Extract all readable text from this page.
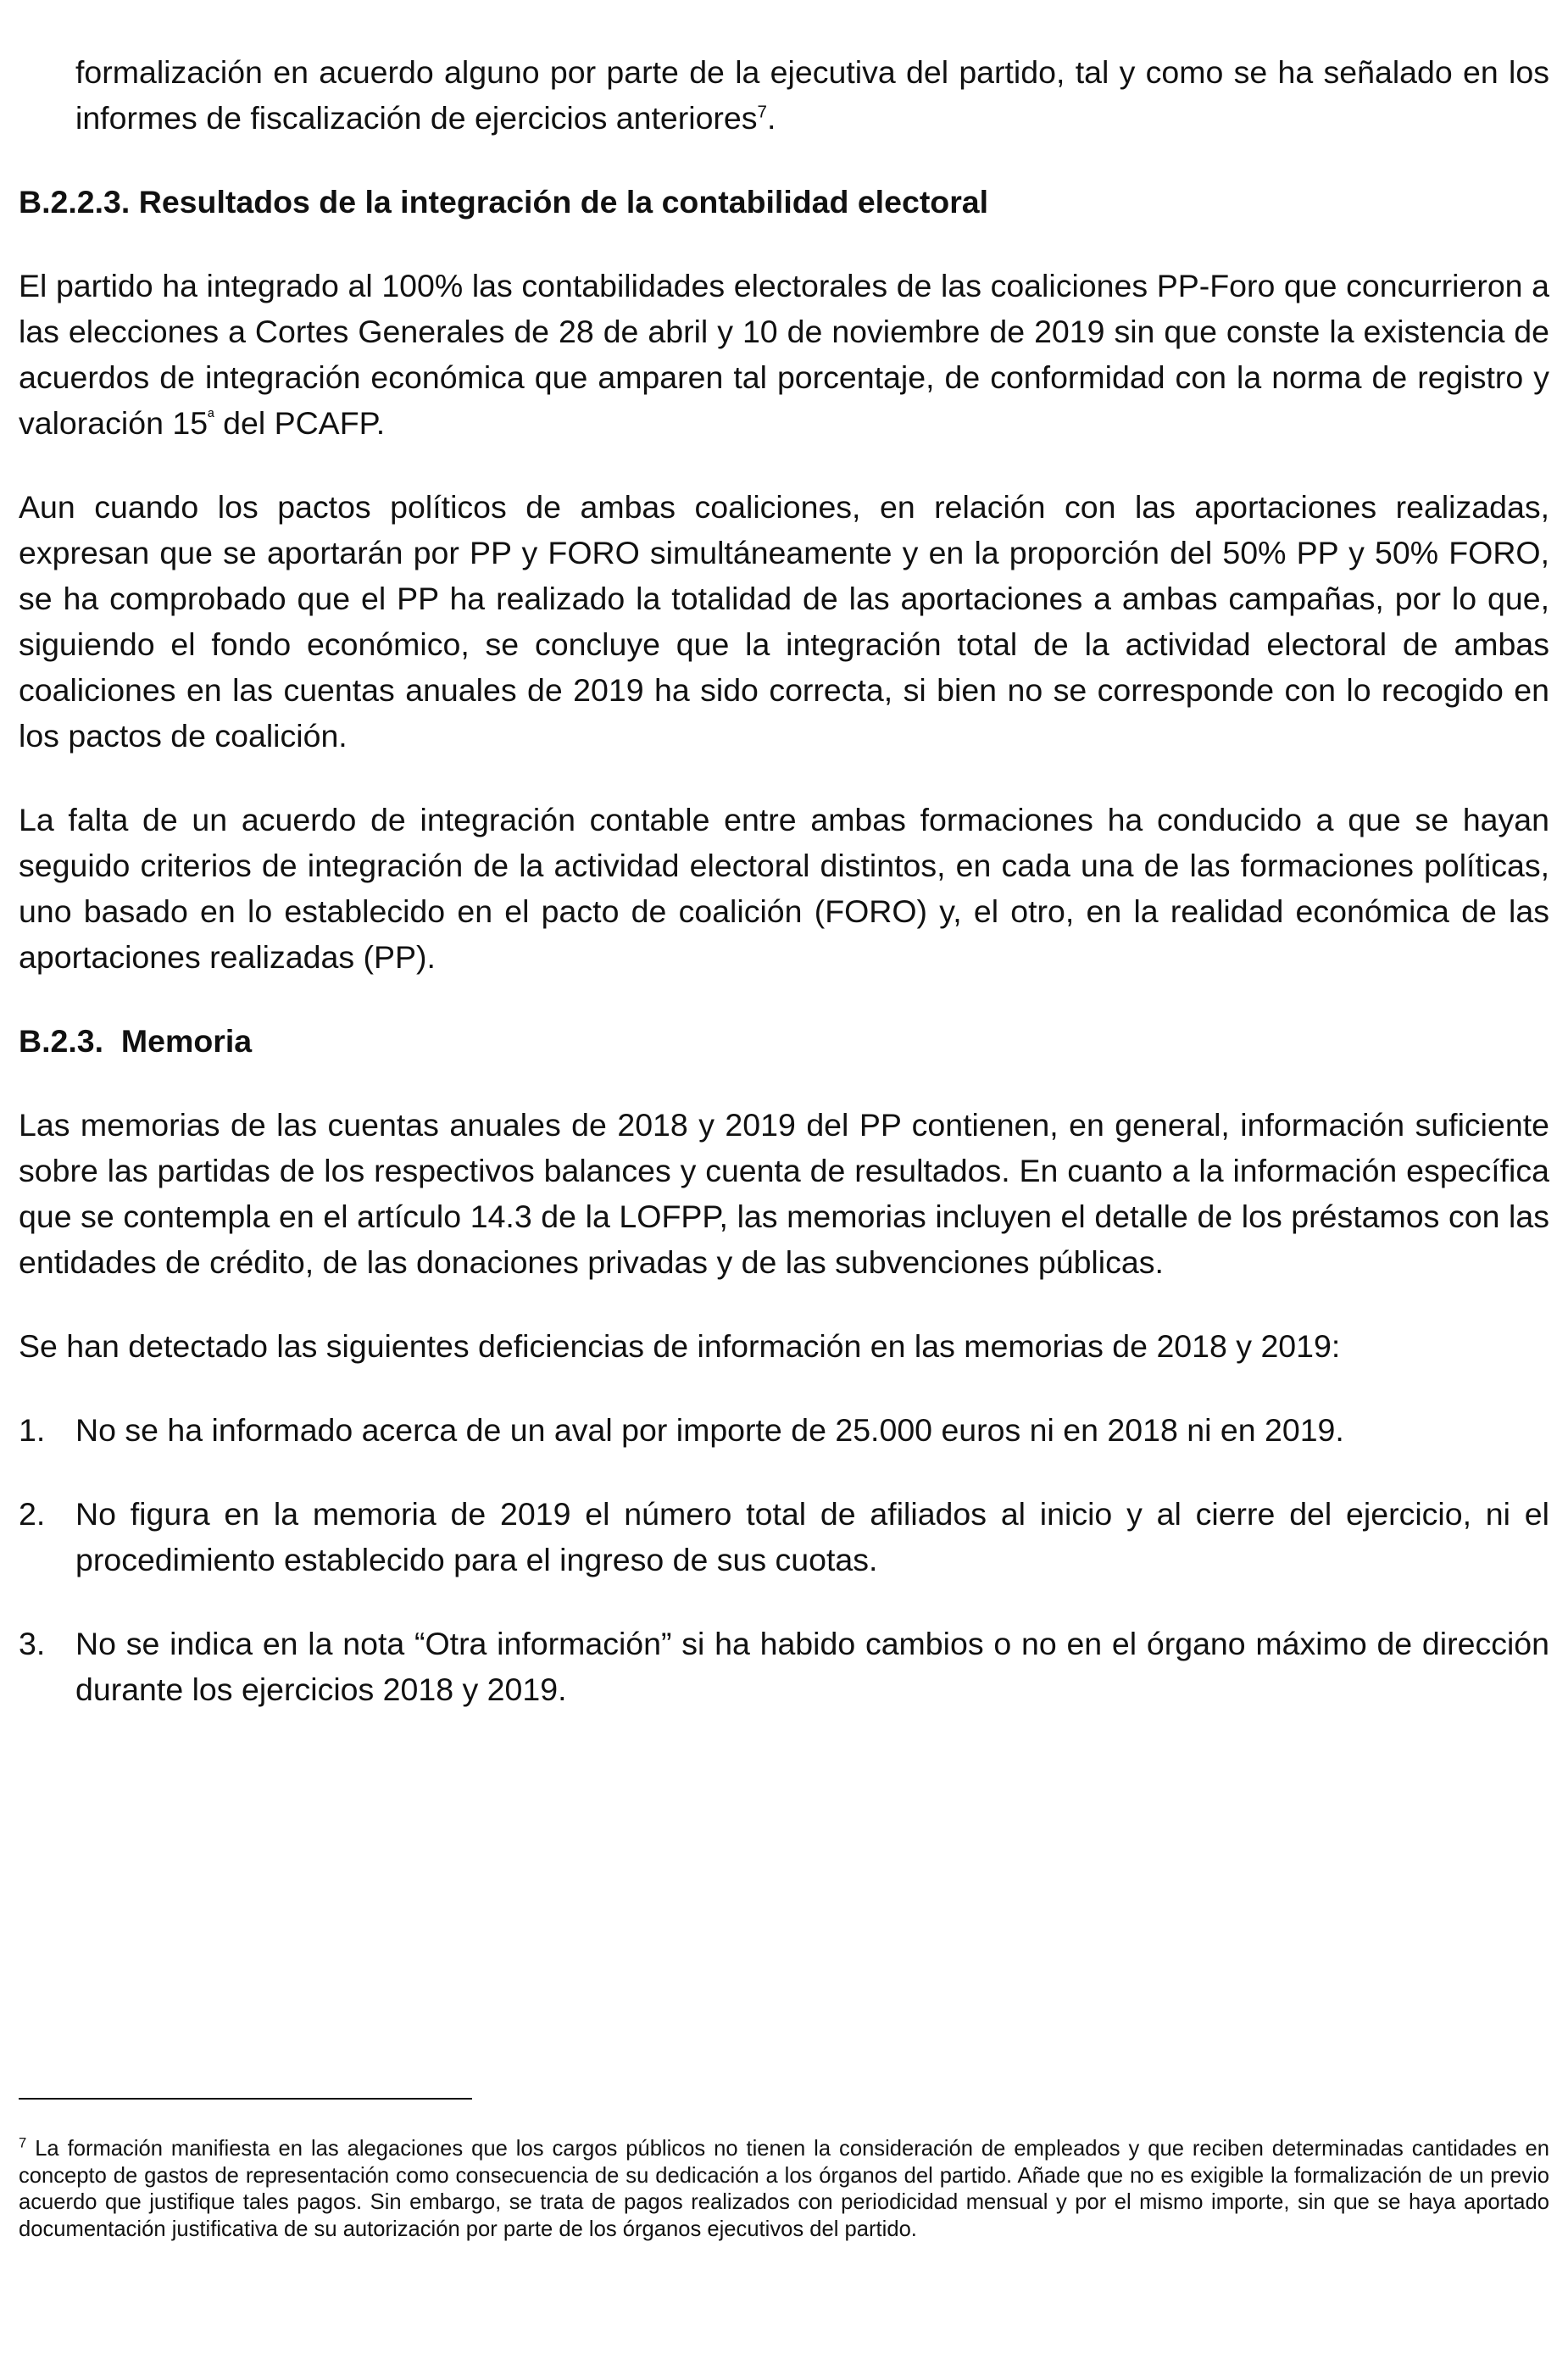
formalización en acuerdo alguno por parte de la ejecutiva del partido, tal y como se ha señalado en los informes de fiscalización de ejercicios anteriores$^7$.

B.2.2.3. Resultados de la integración de la contabilidad electoral

El partido ha integrado al 100% las contabilidades electorales de las coaliciones PP-Foro que concurrieron a las elecciones a Cortes Generales de 28 de abril y 10 de noviembre de 2019 sin que conste la existencia de acuerdos de integración económica que amparen tal porcentaje, de conformidad con la norma de registro y valoración $15^ª$ del PCAFP.

Aun cuando los pactos políticos de ambas coaliciones, en relación con las aportaciones realizadas, expresan que se aportarán por PP y FORO simultáneamente y en la proporción del 50% PP y 50% FORO, se ha comprobado que el PP ha realizado la totalidad de las aportaciones a ambas campañas, por lo que, siguiendo el fondo económico, se concluye que la integración total de la actividad electoral de ambas coaliciones en las cuentas anuales de 2019 ha sido correcta, si bien no se corresponde con lo recogido en los pactos de coalición.

La falta de un acuerdo de integración contable entre ambas formaciones ha conducido a que se hayan seguido criterios de integración de la actividad electoral distintos, en cada una de las formaciones políticas, uno basado en lo establecido en el pacto de coalición (FORO) y, el otro, en la realidad económica de las aportaciones realizadas (PP).

B.2.3.  Memoria

Las memorias de las cuentas anuales de 2018 y 2019 del PP contienen, en general, información suficiente sobre las partidas de los respectivos balances y cuenta de resultados. En cuanto a la información específica que se contempla en el artículo 14.3 de la LOFPP, las memorias incluyen el detalle de los préstamos con las entidades de crédito, de las donaciones privadas y de las subvenciones públicas.

Se han detectado las siguientes deficiencias de información en las memorias de 2018 y 2019:

1. No se ha informado acerca de un aval por importe de 25.000 euros ni en 2018 ni en 2019.

2. No figura en la memoria de 2019 el número total de afiliados al inicio y al cierre del ejercicio, ni el procedimiento establecido para el ingreso de sus cuotas.

3. No se indica en la nota “Otra información” si ha habido cambios o no en el órgano máximo de dirección durante los ejercicios 2018 y 2019.

$^7$ La formación manifiesta en las alegaciones que los cargos públicos no tienen la consideración de empleados y que reciben determinadas cantidades en concepto de gastos de representación como consecuencia de su dedicación a los órganos del partido. Añade que no es exigible la formalización de un previo acuerdo que justifique tales pagos. Sin embargo, se trata de pagos realizados con periodicidad mensual y por el mismo importe, sin que se haya aportado documentación justificativa de su autorización por parte de los órganos ejecutivos del partido.
